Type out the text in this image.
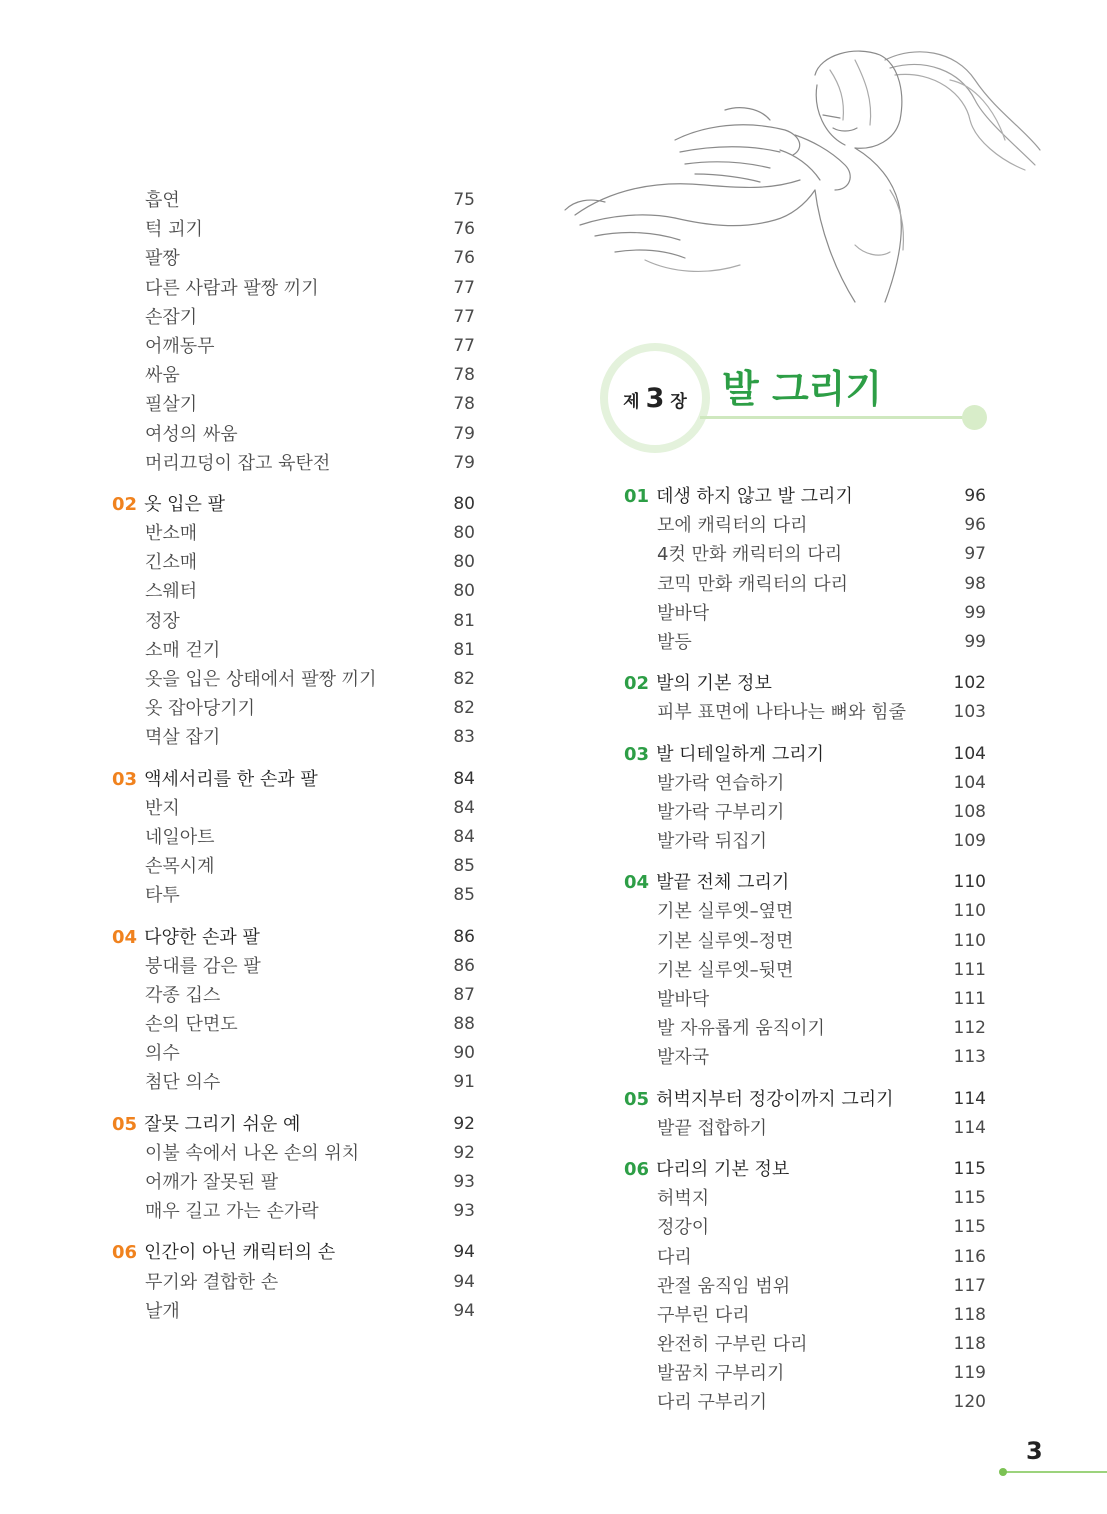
흡연	75
턱 괴기	76
팔짱	76
다른 사람과 팔짱 끼기	77
손잡기	77
어깨동무	77
싸움	78
필살기	78
여성의 싸움	79
머리끄덩이 잡고 육탄전	79
02 옷 입은 팔	80
반소매	80
긴소매	80
스웨터	80
정장	81
소매 걷기	81
옷을 입은 상태에서 팔짱 끼기	82
옷 잡아당기기	82
멱살 잡기	83
03 액세서리를 한 손과 팔	84
반지	84
네일아트	84
손목시계	85
타투	85
04 다양한 손과 팔	86
붕대를 감은 팔	86
각종 깁스	87
손의 단면도	88
의수	90
첨단 의수	91
05 잘못 그리기 쉬운 예	92
이불 속에서 나온 손의 위치	92
어깨가 잘못된 팔	93
매우 길고 가는 손가락	93
06 인간이 아닌 캐릭터의 손	94
무기와 결합한 손	94
날개	94
제 3 장 발 그리기
01 데생 하지 않고 발 그리기	96
모에 캐릭터의 다리	96
4컷 만화 캐릭터의 다리	97
코믹 만화 캐릭터의 다리	98
발바닥	99
발등	99
02 발의 기본 정보	102
피부 표면에 나타나는 뼈와 힘줄	103
03 발 디테일하게 그리기	104
발가락 연습하기	104
발가락 구부리기	108
발가락 뒤집기	109
04 발끝 전체 그리기	110
기본 실루엣–옆면	110
기본 실루엣–정면	110
기본 실루엣–뒷면	111
발바닥	111
발 자유롭게 움직이기	112
발자국	113
05 허벅지부터 정강이까지 그리기	114
발끝 접합하기	114
06 다리의 기본 정보	115
허벅지	115
정강이	115
다리	116
관절 움직임 범위	117
구부린 다리	118
완전히 구부린 다리	118
발꿈치 구부리기	119
다리 구부리기	120
3
